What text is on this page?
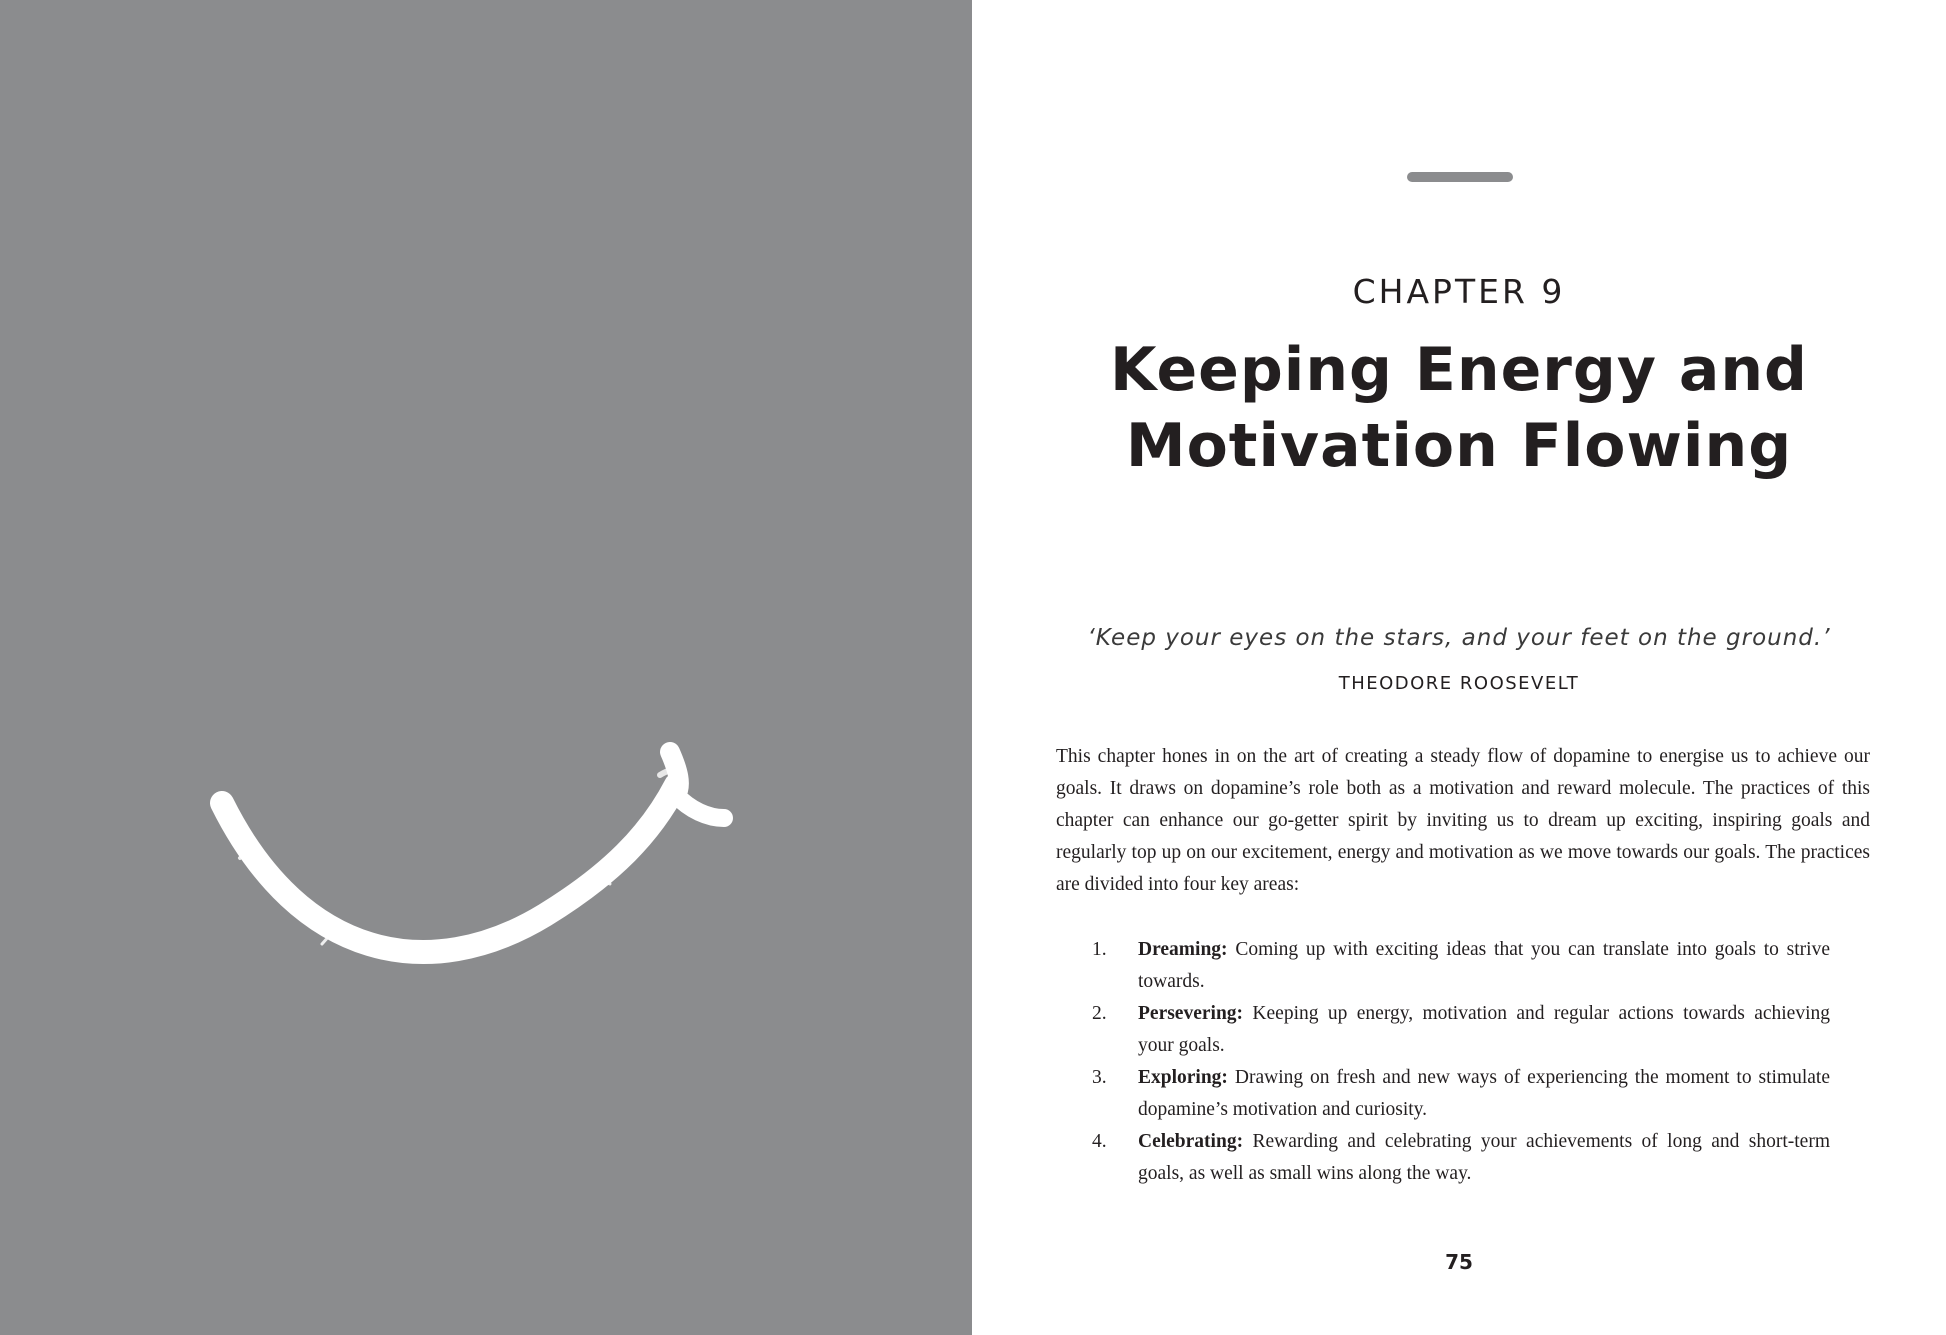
CHAPTER 9
Keeping Energy and
Motivation Flowing
‘Keep your eyes on the stars, and your feet on the ground.’
THEODORE ROOSEVELT

This chapter hones in on the art of creating a steady flow of dopamine to energise us to achieve our goals. It draws on dopamine’s role both as a motivation and reward molecule. The practices of this chapter can enhance our go-getter spirit by inviting us to dream up exciting, inspiring goals and regularly top up on our excitement, energy and motivation as we move towards our goals. The practices are divided into four key areas:

1. Dreaming: Coming up with exciting ideas that you can translate into goals to strive towards.
2. Persevering: Keeping up energy, motivation and regular actions towards achieving your goals.
3. Exploring: Drawing on fresh and new ways of experiencing the moment to stimulate dopamine’s motivation and curiosity.
4. Celebrating: Rewarding and celebrating your achievements of long and short-term goals, as well as small wins along the way.
75
